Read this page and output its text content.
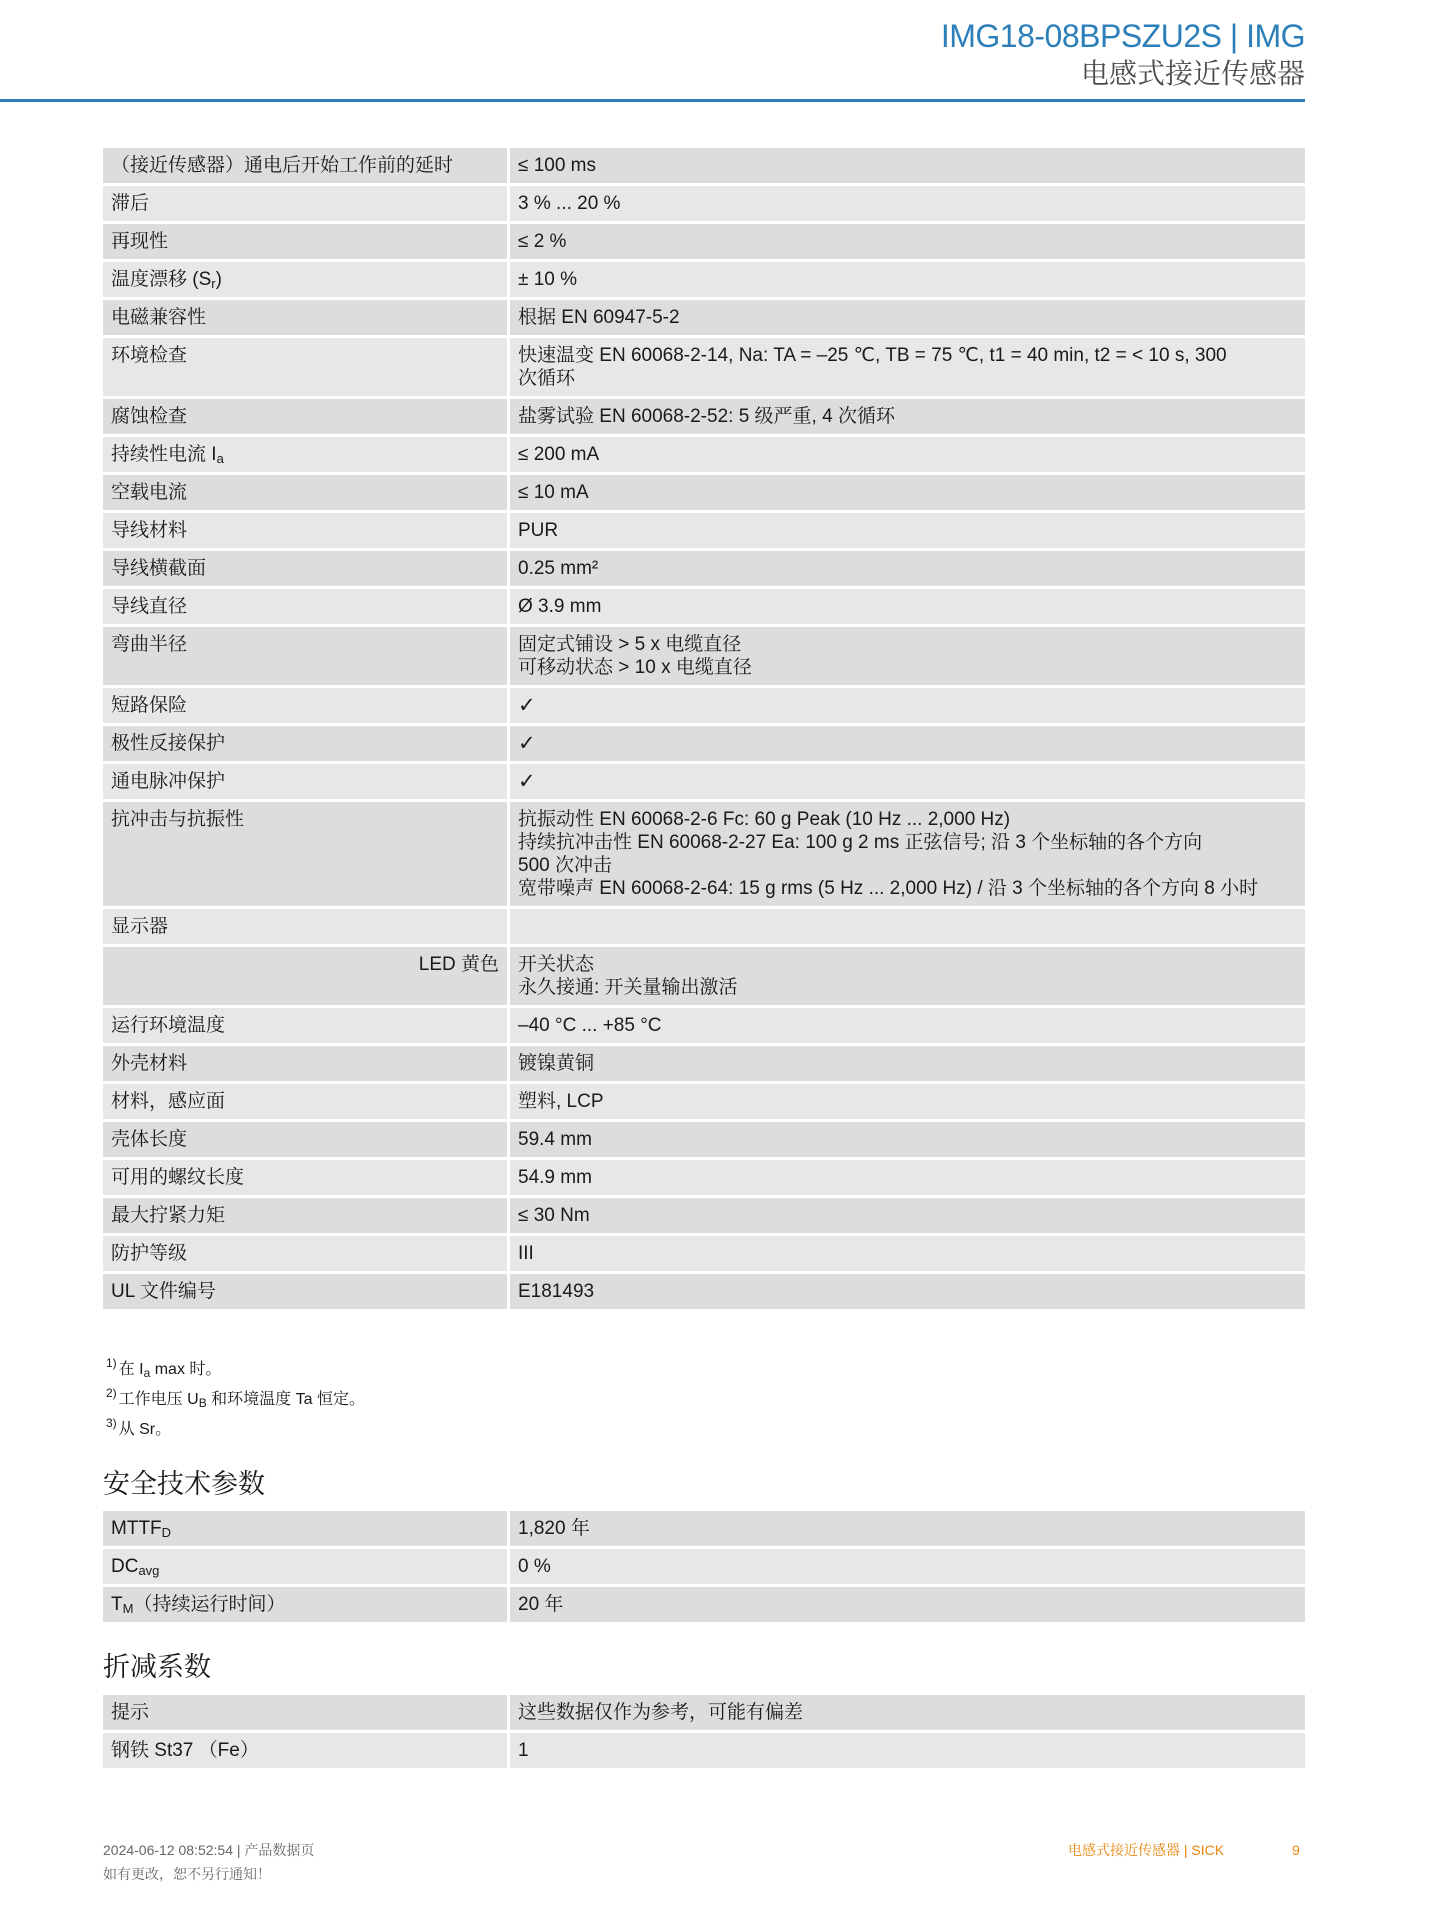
IMG18-08BPSZU2S | IMG
电感式接近传感器
（接近传感器）通电后开始工作前的延时	≤ 100 ms
滞后	3 % ... 20 %
再现性	≤ 2 %
温度漂移 $(S_r)$	± 10 %
电磁兼容性	根据 EN 60947-5-2
环境检查	快速温变 EN 60068-2-14, Na: TA = –25 ℃, TB = 75 ℃, t1 = 40 min, t2 = < 10 s, 300
次循环
腐蚀检查	盐雾试验 EN 60068-2-52: 5 级严重, 4 次循环
持续性电流 $I_a$	≤ 200 mA
空载电流	≤ 10 mA
导线材料	PUR
导线横截面	0.25 mm²
导线直径	Ø 3.9 mm
弯曲半径	固定式铺设 > 5 x 电缆直径
可移动状态 > 10 x 电缆直径
短路保险	✓
极性反接保护	✓
通电脉冲保护	✓
抗冲击与抗振性	抗振动性 EN 60068-2-6 Fc: 60 g Peak (10 Hz ... 2,000 Hz)
持续抗冲击性 EN 60068-2-27 Ea: 100 g 2 ms 正弦信号; 沿 3 个坐标轴的各个方向
500 次冲击
宽带噪声 EN 60068-2-64: 15 g rms (5 Hz ... 2,000 Hz) / 沿 3 个坐标轴的各个方向 8 小时
显示器

LED 黄色	开关状态
永久接通: 开关量输出激活
运行环境温度	–40 °C ... +85 °C
外壳材料	镀镍黄铜
材料，感应面	塑料, LCP
壳体长度	59.4 mm
可用的螺纹长度	54.9 mm
最大拧紧力矩	≤ 30 Nm
防护等级	III
UL 文件编号	E181493
$^{1)}$ 在 $I_a$ max 时。
$^{2)}$ 工作电压 $U_B$ 和环境温度 Ta 恒定。
$^{3)}$ 从 Sr。
安全技术参数
$MTTF_D$	1,820 年
$DC_{avg}$	0 %
$T_M$（持续运行时间）	20 年
折减系数
提示	这些数据仅作为参考，可能有偏差
钢铁 St37 （Fe）	1
2024-06-12 08:52:54 | 产品数据页
如有更改，恕不另行通知！
电感式接近传感器 | SICK	9
